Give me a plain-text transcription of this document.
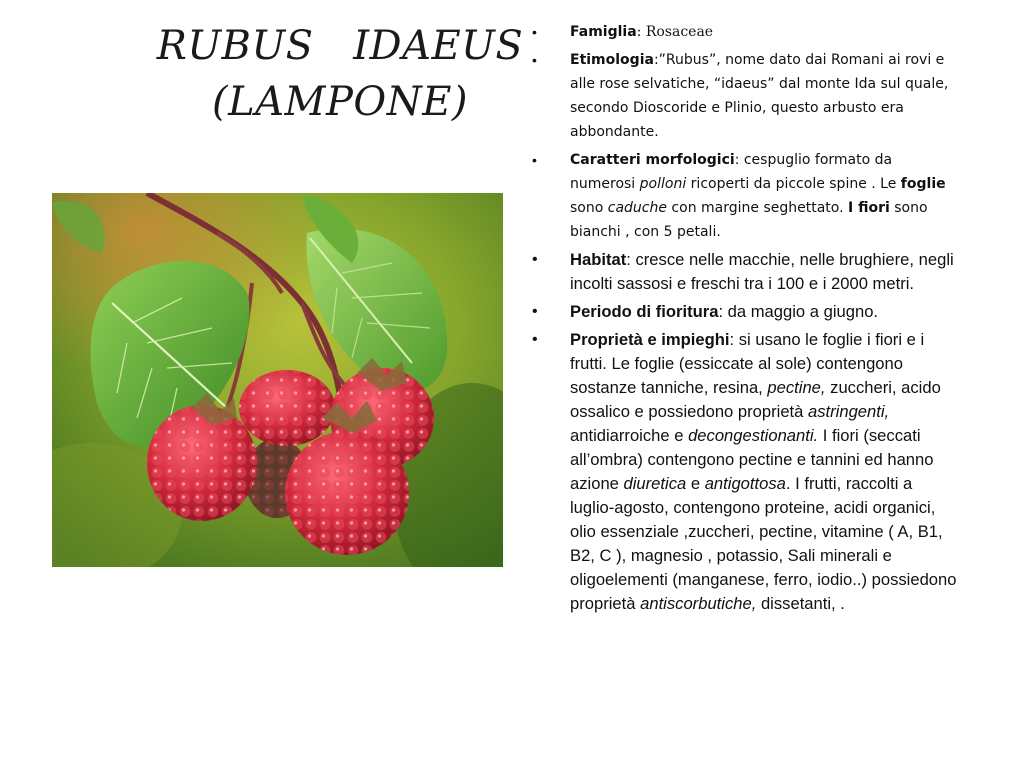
RUBUS   IDAEUS
(LAMPONE)
• Famiglia: Rosaceae
• Etimologia:”Rubus”, nome dato dai Romani ai rovi e alle rose selvatiche, “idaeus” dal monte Ida sul quale, secondo Dioscoride e Plinio, questo arbusto era abbondante.
• Caratteri morfologici: cespuglio formato da numerosi polloni ricoperti da piccole spine . Le foglie sono caduche con margine seghettato. I fiori sono bianchi , con 5 petali.
• Habitat: cresce nelle macchie, nelle brughiere, negli incolti sassosi e freschi tra i 100 e i 2000 metri.
• Periodo di fioritura: da maggio a giugno.
• Proprietà e impieghi: si usano le foglie i fiori e i frutti. Le foglie (essiccate al sole) contengono sostanze tanniche, resina, pectine, zuccheri, acido ossalico e possiedono proprietà astringenti, antidiarroiche e decongestionanti. I fiori (seccati all’ombra) contengono pectine e tannini ed hanno azione diuretica e antigottosa. I frutti, raccolti a luglio-agosto, contengono proteine, acidi organici, olio essenziale ,zuccheri, pectine, vitamine ( A, B1, B2, C ), magnesio , potassio, Sali minerali e oligoelementi (manganese, ferro, iodio..) possiedono proprietà antiscorbutiche, dissetanti, .
